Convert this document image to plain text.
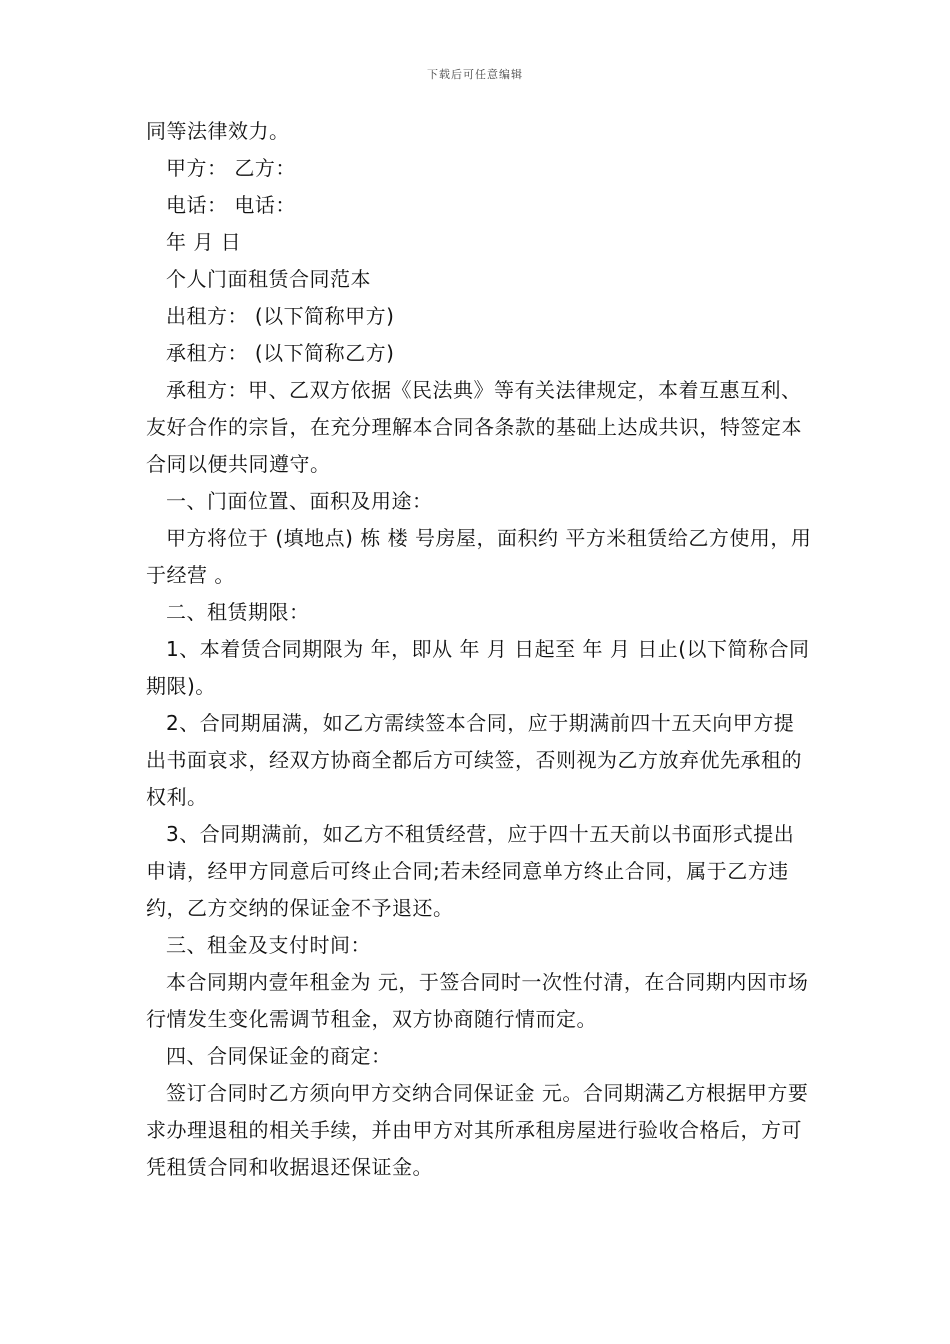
下载后可任意编辑

同等法律效力。

甲方： 乙方：

电话： 电话：

年 月 日

个人门面租赁合同范本

出租方： (以下简称甲方)

承租方： (以下简称乙方)

承租方：甲、乙双方依据《民法典》等有关法律规定，本着互惠互利、友好合作的宗旨，在充分理解本合同各条款的基础上达成共识，特签定本合同以便共同遵守。

一、门面位置、面积及用途：

甲方将位于 (填地点) 栋 楼 号房屋，面积约 平方米租赁给乙方使用，用于经营 。

二、租赁期限：

1、本着赁合同期限为 年，即从 年 月 日起至 年 月 日止(以下简称合同期限)。

2、合同期届满，如乙方需续签本合同，应于期满前四十五天向甲方提出书面哀求，经双方协商全都后方可续签，否则视为乙方放弃优先承租的权利。

3、合同期满前，如乙方不租赁经营，应于四十五天前以书面形式提出申请，经甲方同意后可终止合同;若未经同意单方终止合同，属于乙方违约，乙方交纳的保证金不予退还。

三、租金及支付时间：

本合同期内壹年租金为 元，于签合同时一次性付清，在合同期内因市场行情发生变化需调节租金，双方协商随行情而定。

四、合同保证金的商定：

签订合同时乙方须向甲方交纳合同保证金 元。合同期满乙方根据甲方要求办理退租的相关手续，并由甲方对其所承租房屋进行验收合格后，方可凭租赁合同和收据退还保证金。
